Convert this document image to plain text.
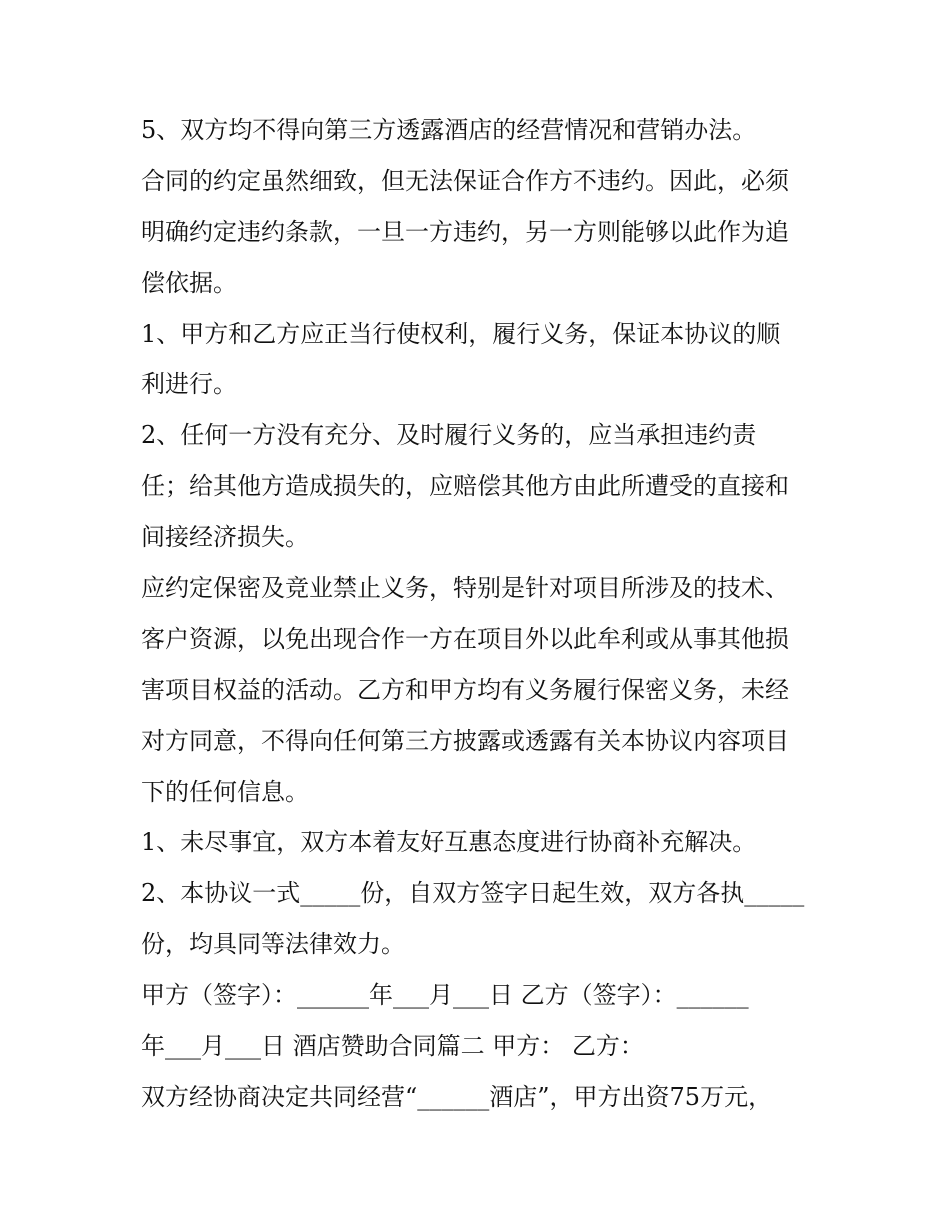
5、双方均不得向第三方透露酒店的经营情况和营销办法。
合同的约定虽然细致，但无法保证合作方不违约。因此，必须
明确约定违约条款，一旦一方违约，另一方则能够以此作为追
偿依据。
1、甲方和乙方应正当行使权利，履行义务，保证本协议的顺
利进行。
2、任何一方没有充分、及时履行义务的，应当承担违约责
任；给其他方造成损失的，应赔偿其他方由此所遭受的直接和
间接经济损失。
应约定保密及竞业禁止义务，特别是针对项目所涉及的技术、
客户资源，以免出现合作一方在项目外以此牟利或从事其他损
害项目权益的活动。乙方和甲方均有义务履行保密义务，未经
对方同意，不得向任何第三方披露或透露有关本协议内容项目
下的任何信息。
1、未尽事宜，双方本着友好互惠态度进行协商补充解决。
2、本协议一式_____份，自双方签字日起生效，双方各执_____
份，均具同等法律效力。
甲方（签字）：______年___月___日 乙方（签字）：______
年___月___日 酒店赞助合同篇二 甲方： 乙方：
双方经协商决定共同经营“______酒店”，甲方出资75万元，
